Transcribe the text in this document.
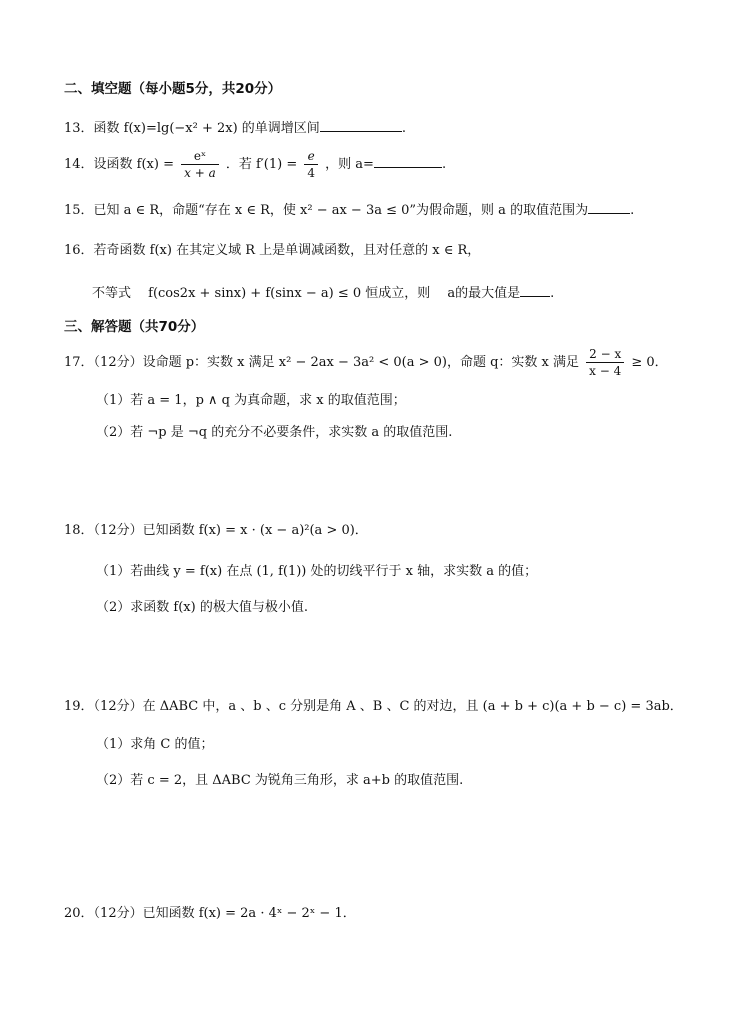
二、填空题（每小题5分，共20分）
13．函数 f(x)=lg(−x² + 2x) 的单调增区间	.
14．设函数 $f(x) = \frac{\text{eˣ}}{x + a}$ ．若 $f'(1) = \frac{e}{4}$ ，则 a=	.
15．已知 a ∈ R，命题“存在 x ∈ R，使 x² − ax − 3a ≤ 0”为假命题，则 a 的取值范围为	.
16．若奇函数 f(x) 在其定义域 R 上是单调减函数，且对任意的 x ∈ R，
不等式　 f(cos2x + sinx) + f(sinx − a) ≤ 0 恒成立，则　 a的最大值是 .
三、解答题（共70分）
17．（12分）设命题 p：实数 x 满足 x² − 2ax − 3a² < 0(a > 0)，命题 q：实数 x 满足 $\frac{2 - x}{x - 4} \ge 0$．
（1）若 a = 1，p ∧ q 为真命题，求 x 的取值范围；
（2）若 ¬p 是 ¬q 的充分不必要条件，求实数 a 的取值范围.
18．（12分）已知函数 f(x) = x · (x − a)²(a > 0)．
（1）若曲线 y = f(x) 在点 (1, f(1)) 处的切线平行于 x 轴，求实数 a 的值；
（2）求函数 f(x) 的极大值与极小值.
19．（12分）在 ΔABC 中，a 、b 、c 分别是角 A 、B 、C 的对边，且 (a + b + c)(a + b − c) = 3ab．
（1）求角 C 的值；
（2）若 c = 2，且 ΔABC 为锐角三角形，求 a+b 的取值范围.
20．（12分）已知函数 f(x) = 2a · 4ˣ − 2ˣ − 1．
